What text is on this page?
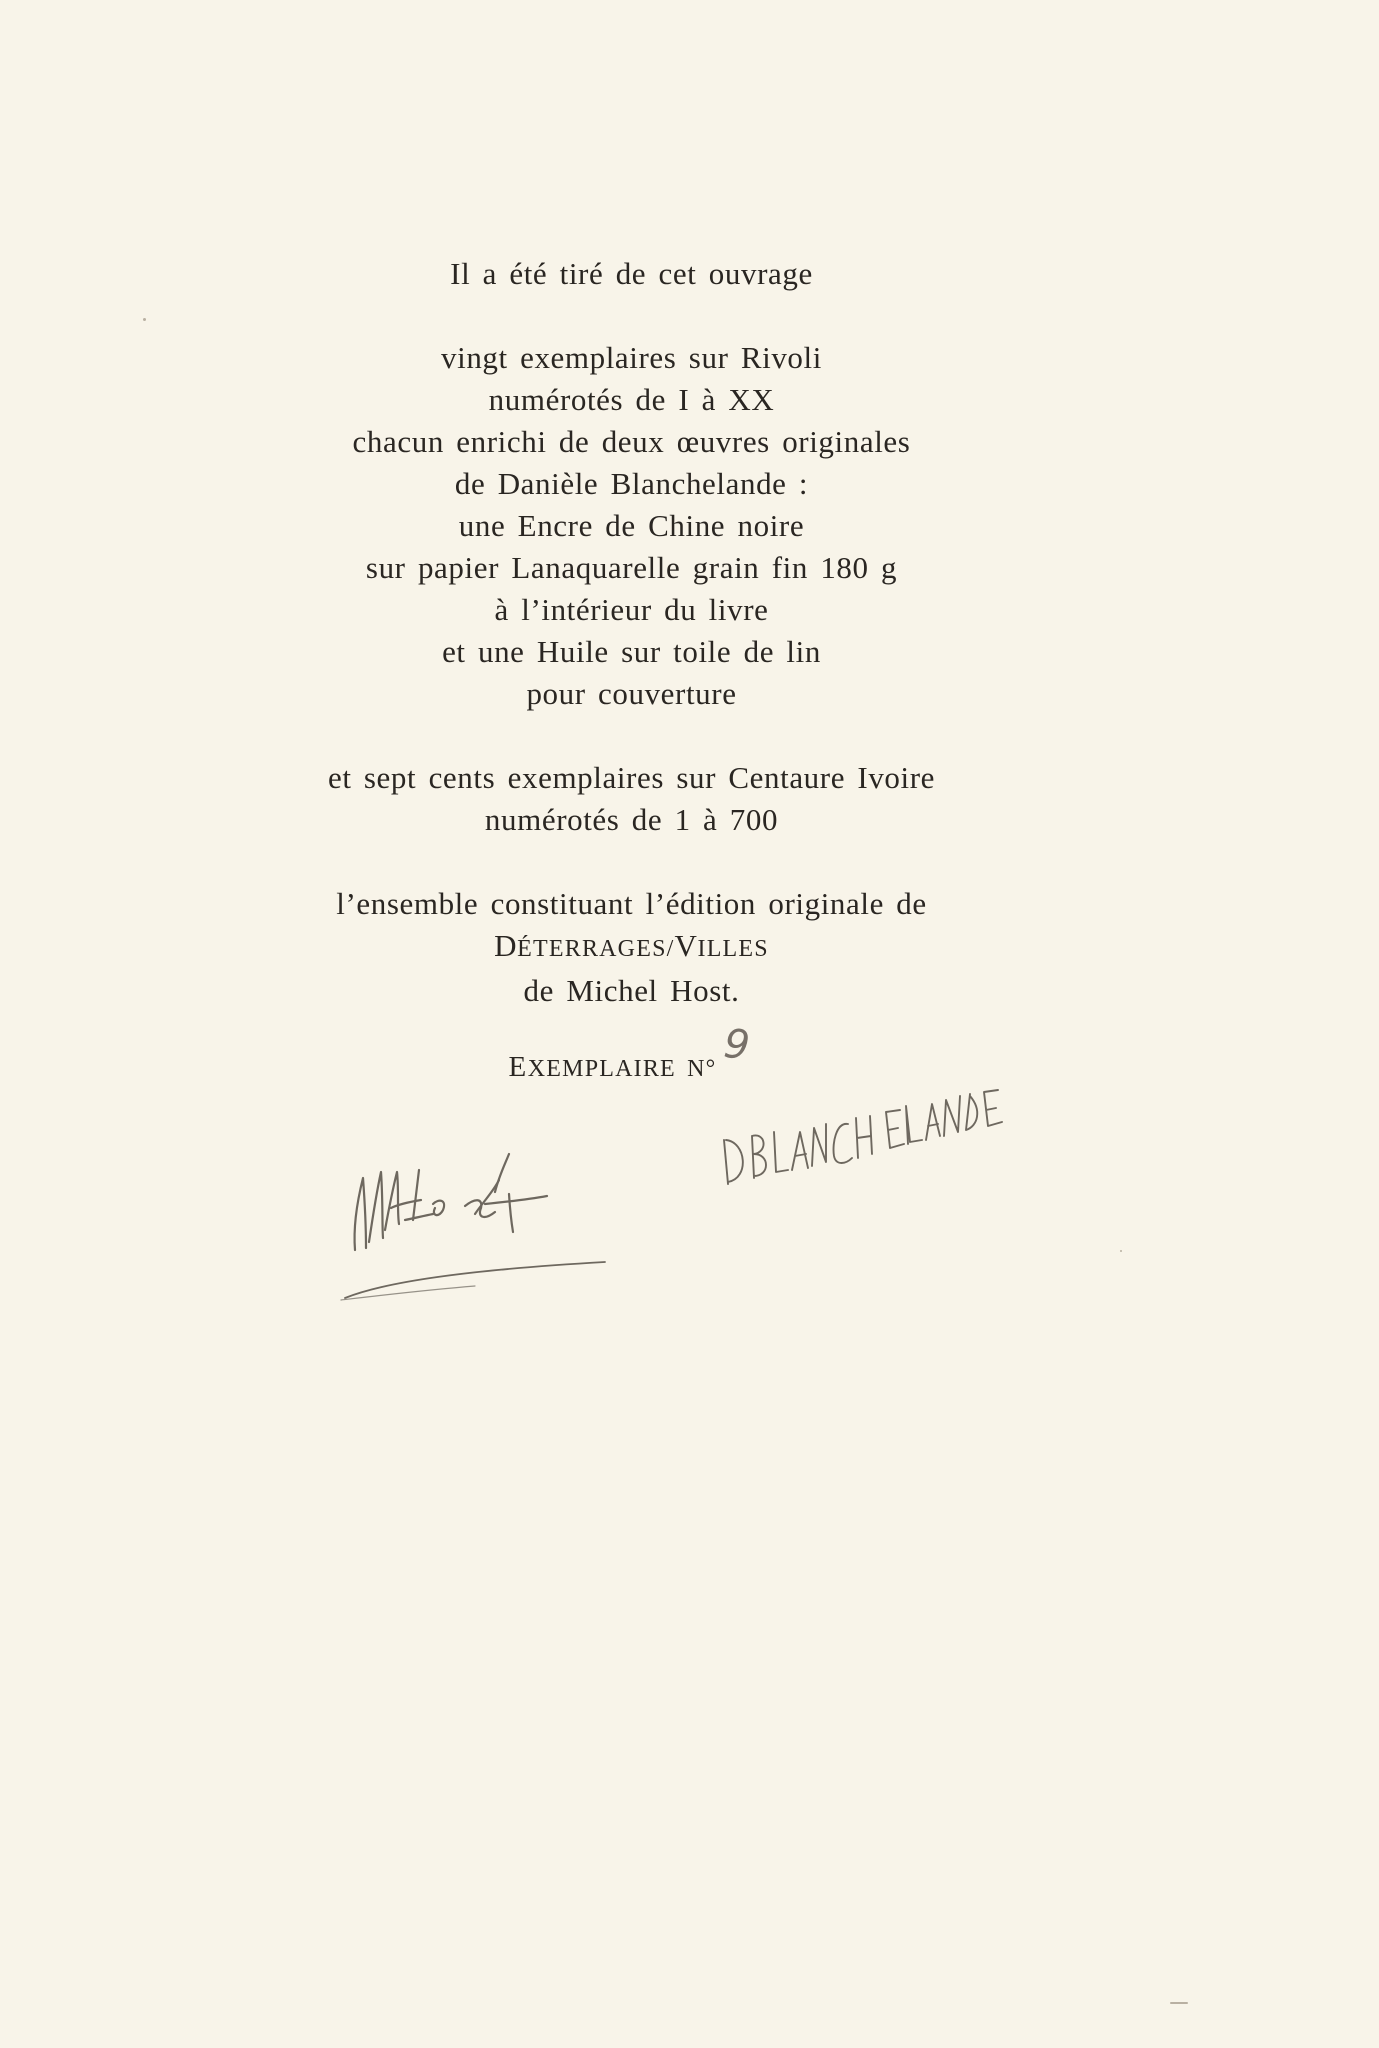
Il a été tiré de cet ouvrage
vingt exemplaires sur Rivoli
numérotés de I à XX
chacun enrichi de deux œuvres originales
de Danièle Blanchelande :
une Encre de Chine noire
sur papier Lanaquarelle grain fin 180 g
à l’intérieur du livre
et une Huile sur toile de lin
pour couverture
et sept cents exemplaires sur Centaure Ivoire
numérotés de 1 à 700
l’ensemble constituant l’édition originale de
DÉTERRAGES/VILLES
de Michel Host.
EXEMPLAIRE N° 9
